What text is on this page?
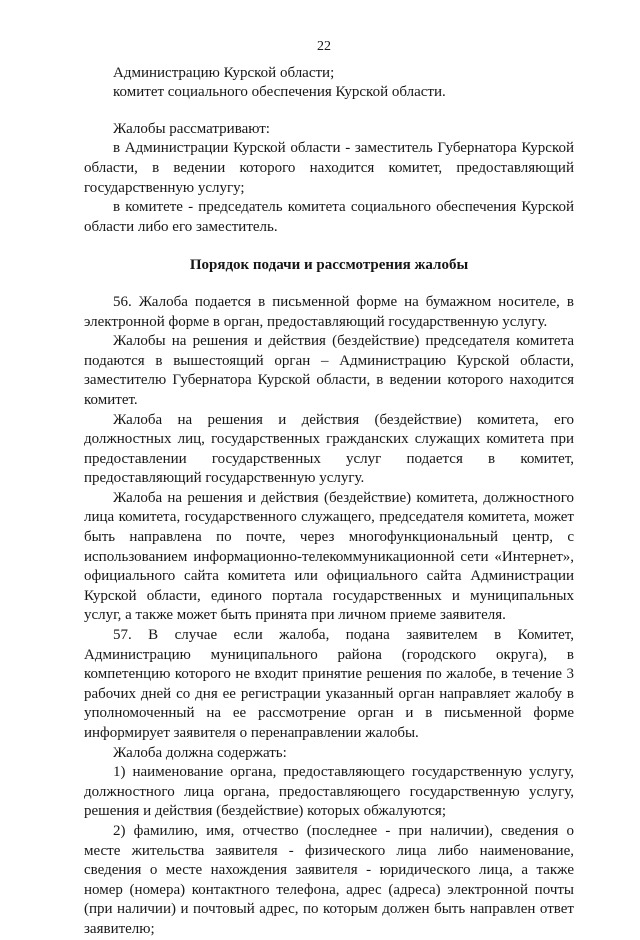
22

Администрацию Курской области;

комитет социального обеспечения Курской области.

Жалобы рассматривают:

в Администрации Курской области - заместитель Губернатора Курской области, в ведении которого находится комитет, предоставляющий государственную услугу;

в комитете - председатель комитета социального обеспечения Курской области либо его заместитель.

Порядок подачи и рассмотрения жалобы

56. Жалоба подается в письменной форме на бумажном носителе, в электронной форме в орган, предоставляющий государственную услугу.

Жалобы на решения и действия (бездействие) председателя комитета подаются в вышестоящий орган – Администрацию Курской области, заместителю Губернатора Курской области, в ведении которого находится комитет.

Жалоба на решения и действия (бездействие) комитета, его должностных лиц, государственных гражданских служащих комитета при предоставлении государственных услуг подается в комитет, предоставляющий государственную услугу.

Жалоба на решения и действия (бездействие) комитета, должностного лица комитета, государственного служащего, председателя комитета, может быть направлена по почте, через многофункциональный центр, с использованием информационно-телекоммуникационной сети «Интернет», официального сайта комитета или официального сайта Администрации Курской области, единого портала государственных и муниципальных услуг, а также может быть принята при личном приеме заявителя.

57. В случае если жалоба, подана заявителем в Комитет, Администрацию муниципального района (городского округа), в компетенцию которого не входит принятие решения по жалобе, в течение 3 рабочих дней со дня ее регистрации указанный орган направляет жалобу в уполномоченный на ее рассмотрение орган и в письменной форме информирует заявителя о перенаправлении жалобы.

Жалоба должна содержать:

1) наименование органа, предоставляющего государственную услугу, должностного лица органа, предоставляющего государственную услугу, решения и действия (бездействие) которых обжалуются;

2) фамилию, имя, отчество (последнее - при наличии), сведения о месте жительства заявителя - физического лица либо наименование, сведения о месте нахождения заявителя - юридического лица, а также номер (номера) контактного телефона, адрес (адреса) электронной почты (при наличии) и почтовый адрес, по которым должен быть направлен ответ заявителю;
